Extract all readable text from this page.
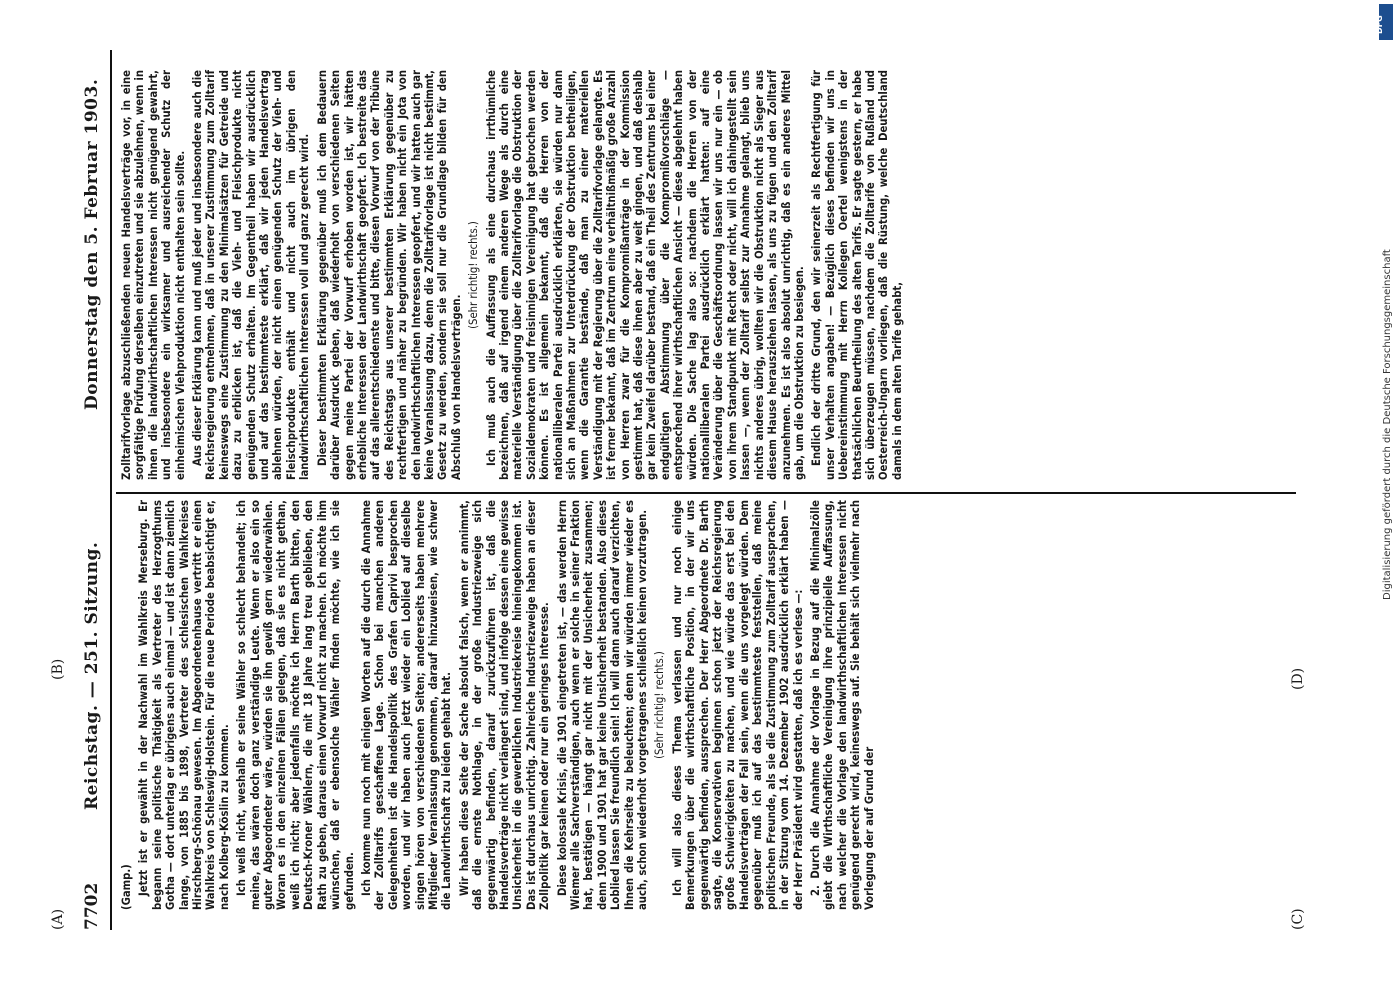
7702
Reichstag. — 251. Sitzung.
Donnerstag den 5. Februar 1903.

(Gamp.) Jetzt ist er gewählt in der Nachwahl im Wahlkreis Merseburg. Er begann seine politische Thätigkeit als Vertreter des Herzogthums Gotha — dort unterlag er übrigens auch einmal — und ist dann ziemlich lange, von 1885 bis 1898, Vertreter des schlesischen Wahlkreises Hirschberg-Schönau gewesen. Im Abgeordnetenhause vertritt er einen Wahlkreis von Schleswig-Holstein. Für die neue Periode beabsichtigt er, nach Kolberg-Köslin zu kommen. Ich weiß nicht, weshalb er seine Wähler so schlecht behandelt; ich meine, das wären doch ganz verständige Leute. Wenn er also ein so guter Abgeordneter wäre, würden sie ihn gewiß gern wiederwählen. Woran es in den einzelnen Fällen gelegen, daß sie es nicht gethan, weiß ich nicht; aber jedenfalls möchte ich Herrn Barth bitten, den Deutsch-Kroner Wählern, die mit 18 Jahre lang treu geblieben, den Rath zu geben, daraus einen Vorwurf nicht zu machen. Ich möchte ihm wünschen, daß er ebensolche Wähler finden möchte, wie ich sie gefunden. Ich komme nun noch mit einigen Worten auf die durch die Annahme der Zolltarifs geschaffene Lage. Schon bei manchen anderen Gelegenheiten ist die Handelspolitik des Grafen Caprivi besprochen worden, und wir haben auch jetzt wieder ein Loblied auf dieselbe singen hören von verschiedenen Seiten; andererseits haben mehrere Mitglieder Veranlassung genommen, darauf hinzuweisen, wie schwer die Landwirthschaft zu leiden gehabt hat. Wir haben diese Seite der Sache absolut falsch, wenn er annimmt, daß die ernste Nothlage, in der große Industriezweige sich gegenwärtig befinden, darauf zurückzuführen ist, daß die Handelsverträge nicht verlängert sind, und infolge dessen eine gewisse Unsicherheit in die gewerblichen Industriekreise hineingekommen ist. Das ist durchaus unrichtig. Zahlreiche Industriezweige haben an dieser Zollpolitik gar keinen oder nur ein geringes Interesse. Diese kolossale Krisis, die 1901 eingetreten ist, — das werden Herrn Wiemer alle Sachverständigen, auch wenn er solche in seiner Fraktion hat, bestätigen — hängt gar nicht mit der Unsicherheit zusammen; denn 1900 und 1901 hat gar keine Unsicherheit bestanden. Also dieses Loblied lassen Sie freundlich sein! Ich will dann auch darauf verzichten, Ihnen die Kehrseite zu beleuchten; denn wir würden immer wieder es auch, schon wiederholt vorgetragenes schließlich keinen vorzutragen. (Sehr richtig! rechts.) Ich will also dieses Thema verlassen und nur noch einige Bemerkungen über die wirthschaftliche Position, in der wir uns gegenwärtig befinden, aussprechen. Der Herr Abgeordnete Dr. Barth sagte, die Konservativen beginnen schon jetzt der Reichsregierung große Schwierigkeiten zu machen, und wie würde das erst bei den Handelsverträgen der Fall sein, wenn die uns vorgelegt würden. Dem gegenüber muß ich auf das bestimmteste feststellen, daß meine politischen Freunde, als sie die Zustimmung zum Zolltarif aussprachen, in der Sitzung vom 14. Dezember 1902 ausdrücklich erklärt haben — der Herr Präsident wird gestatten, daß ich es verlese —: 2. Durch die Annahme der Vorlage in Bezug auf die Minimalzölle giebt die Wirthschaftliche Vereinigung ihre prinzipielle Auffassung, nach welcher die Vorlage den landwirthschaftlichen Interessen nicht genügend gerecht wird, keineswegs auf. Sie behält sich vielmehr nach Vorlegung der auf Grund der

Zolltarifvorlage abzuschließenden neuen Handelsverträge vor, in eine sorgfältige Prüfung derselben einzutreten und sie abzulehnen, wenn in ihnen die landwirthschaftlichen Interessen nicht genügend gewahrt, und insbesondere ein wirksamer und ausreichender Schutz der einheimischen Viehproduktion nicht enthalten sein sollte. Aus dieser Erklärung kann und muß jeder und insbesondere auch die Reichsregierung entnehmen, daß in unserer Zustimmung zum Zolltarif keineswegs eine Zustimmung zu den Minimalsätzen für Getreide und dazu zu erblicken ist, daß die Vieh- und Fleischprodukte nicht genügenden Schutz erhalten. Im Gegentheil haben wir ausdrücklich und auf das bestimmteste erklärt, daß wir jeden Handelsvertrag ablehnen würden, der nicht einen genügenden Schutz der Vieh- und Fleischprodukte enthält und nicht auch im übrigen den landwirthschaftlichen Interessen voll und ganz gerecht wird. Dieser bestimmten Erklärung gegenüber muß ich dem Bedauern darüber Ausdruck geben, daß wiederholt von verschiedenen Seiten gegen meine Partei der Vorwurf erhoben worden ist, wir hätten erhebliche Interessen der Landwirthschaft geopfert. Ich bestreite das auf das allerentschiedenste und bitte, diesen Vorwurf von der Tribüne des Reichstags aus unserer bestimmten Erklärung gegenüber zu rechtfertigen und näher zu begründen. Wir haben nicht ein Jota von den landwirthschaftlichen Interessen geopfert, und wir hatten auch gar keine Veranlassung dazu, denn die Zolltarifvorlage ist nicht bestimmt, Gesetz zu werden, sondern sie soll nur die Grundlage bilden für den Abschluß von Handelsverträgen.

(Sehr richtig! rechts.) Ich muß auch die Auffassung als eine durchaus irrthümliche bezeichnen, daß auf irgend einem anderen Wege als durch eine materielle Verständigung über die Zolltarifvorlage die Obstruktion der Sozialdemokraten und freisinnigen Vereinigung hat gebrochen werden können. Es ist allgemein bekannt, daß die Herren von der nationalliberalen Partei ausdrücklich erklärten, sie würden nur dann sich an Maßnahmen zur Unterdrückung der Obstruktion betheiligen, wenn die Garantie bestände, daß man zu einer materiellen Verständigung mit der Regierung über die Zolltarifvorlage gelangte. Es ist ferner bekannt, daß im Zentrum eine verhältnißmäßig große Anzahl von Herren zwar für die Kompromißanträge in der Kommission gestimmt hat, daß diese ihnen aber zu weit gingen, und daß deshalb gar kein Zweifel darüber bestand, daß ein Theil des Zentrums bei einer endgültigen Abstimmung über die Kompromißvorschläge — entsprechend ihrer wirthschaftlichen Ansicht — diese abgelehnt haben würden. Die Sache lag also so: nachdem die Herren von der nationalliberalen Partei ausdrücklich erklärt hatten: auf eine Veränderung über die Geschäftsordnung lassen wir uns nur ein — ob von ihrem Standpunkt mit Recht oder nicht, will ich dahingestellt sein lassen —, wenn der Zolltarif selbst zur Annahme gelangt, blieb uns nichts anderes übrig, wollten wir die Obstruktion nicht als Sieger aus diesem Hause herausziehen lassen, als uns zu fügen und den Zolltarif anzunehmen. Es ist also absolut unrichtig, daß es ein anderes Mittel gab, um die Obstruktion zu besiegen. Endlich der dritte Grund, den wir seinerzeit als Rechtfertigung für unser Verhalten angaben! — Bezüglich dieses befinden wir uns in Uebereinstimmung mit Herrn Kollegen Oertel wenigstens in der thatsächlichen Beurtheilung des alten Tarifs. Er sagte gestern, er habe sich überzeugen müssen, nachdem die Zolltarife von Rußland und Oesterreich-Ungarn vorliegen, daß die Rüstung, welche Deutschland damals in dem alten Tarife gehabt,

(A)
(B)
(C)
(D)
DFG
Digitalisierung gefördert durch die Deutsche Forschungsgemeinschaft
